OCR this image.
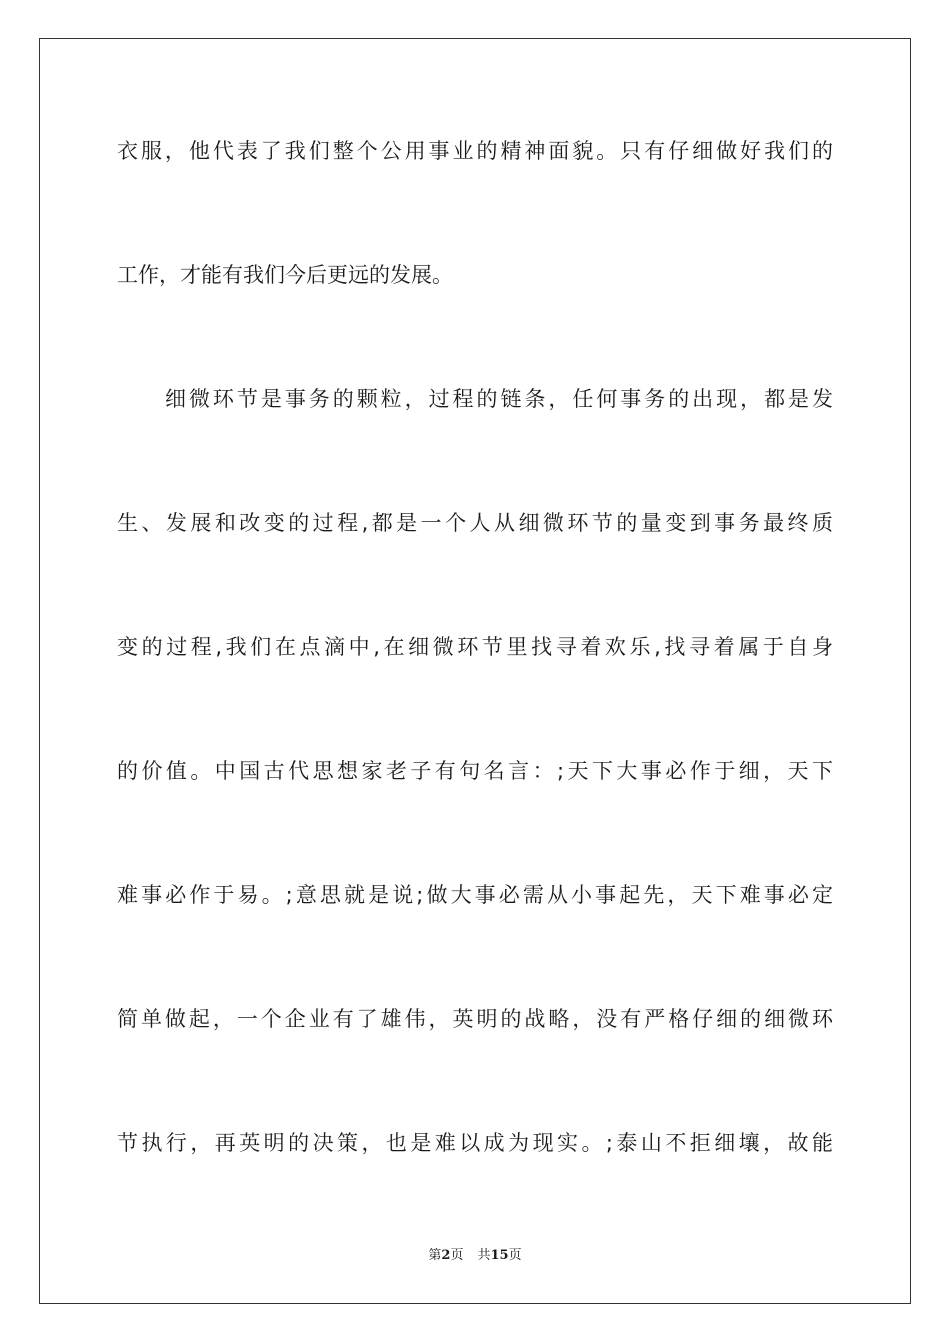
衣服，他代表了我们整个公用事业的精神面貌。只有仔细做好我们的
工作，才能有我们今后更远的发展。
细微环节是事务的颗粒，过程的链条，任何事务的出现，都是发
生、发展和改变的过程,都是一个人从细微环节的量变到事务最终质
变的过程,我们在点滴中,在细微环节里找寻着欢乐,找寻着属于自身
的价值。中国古代思想家老子有句名言：;天下大事必作于细，天下
难事必作于易。;意思就是说;做大事必需从小事起先，天下难事必定
简单做起，一个企业有了雄伟，英明的战略，没有严格仔细的细微环
节执行，再英明的决策，也是难以成为现实。;泰山不拒细壤，故能
第2页 共15页
